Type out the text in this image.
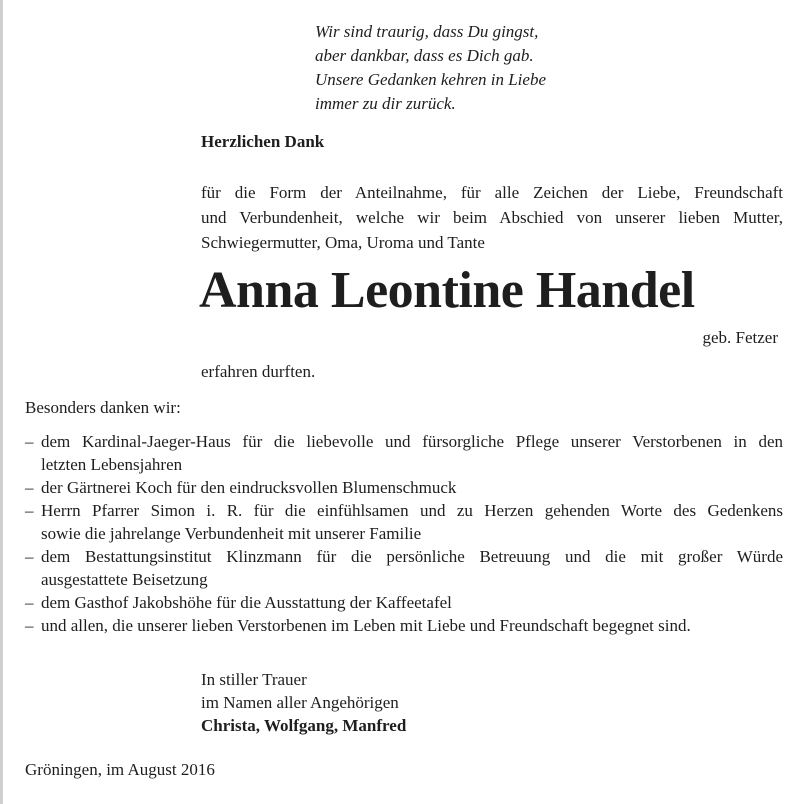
Wir sind traurig, dass Du gingst,
aber dankbar, dass es Dich gab.
Unsere Gedanken kehren in Liebe
immer zu dir zurück.
Herzlichen Dank
für die Form der Anteilnahme, für alle Zeichen der Liebe, Freundschaft
und Verbundenheit, welche wir beim Abschied von unserer lieben Mutter,
Schwiegermutter, Oma, Uroma und Tante
Anna Leontine Handel
geb. Fetzer
erfahren durften.
Besonders danken wir:
– dem Kardinal-Jaeger-Haus für die liebevolle und fürsorgliche Pflege unserer Verstorbenen in den
letzten Lebensjahren
– der Gärtnerei Koch für den eindrucksvollen Blumenschmuck
– Herrn Pfarrer Simon i. R. für die einfühlsamen und zu Herzen gehenden Worte des Gedenkens
sowie die jahrelange Verbundenheit mit unserer Familie
– dem Bestattungsinstitut Klinzmann für die persönliche Betreuung und die mit großer Würde
ausgestattete Beisetzung
– dem Gasthof Jakobshöhe für die Ausstattung der Kaffeetafel
– und allen, die unserer lieben Verstorbenen im Leben mit Liebe und Freundschaft begegnet sind.
In stiller Trauer
im Namen aller Angehörigen
Christa, Wolfgang, Manfred
Gröningen, im August 2016
